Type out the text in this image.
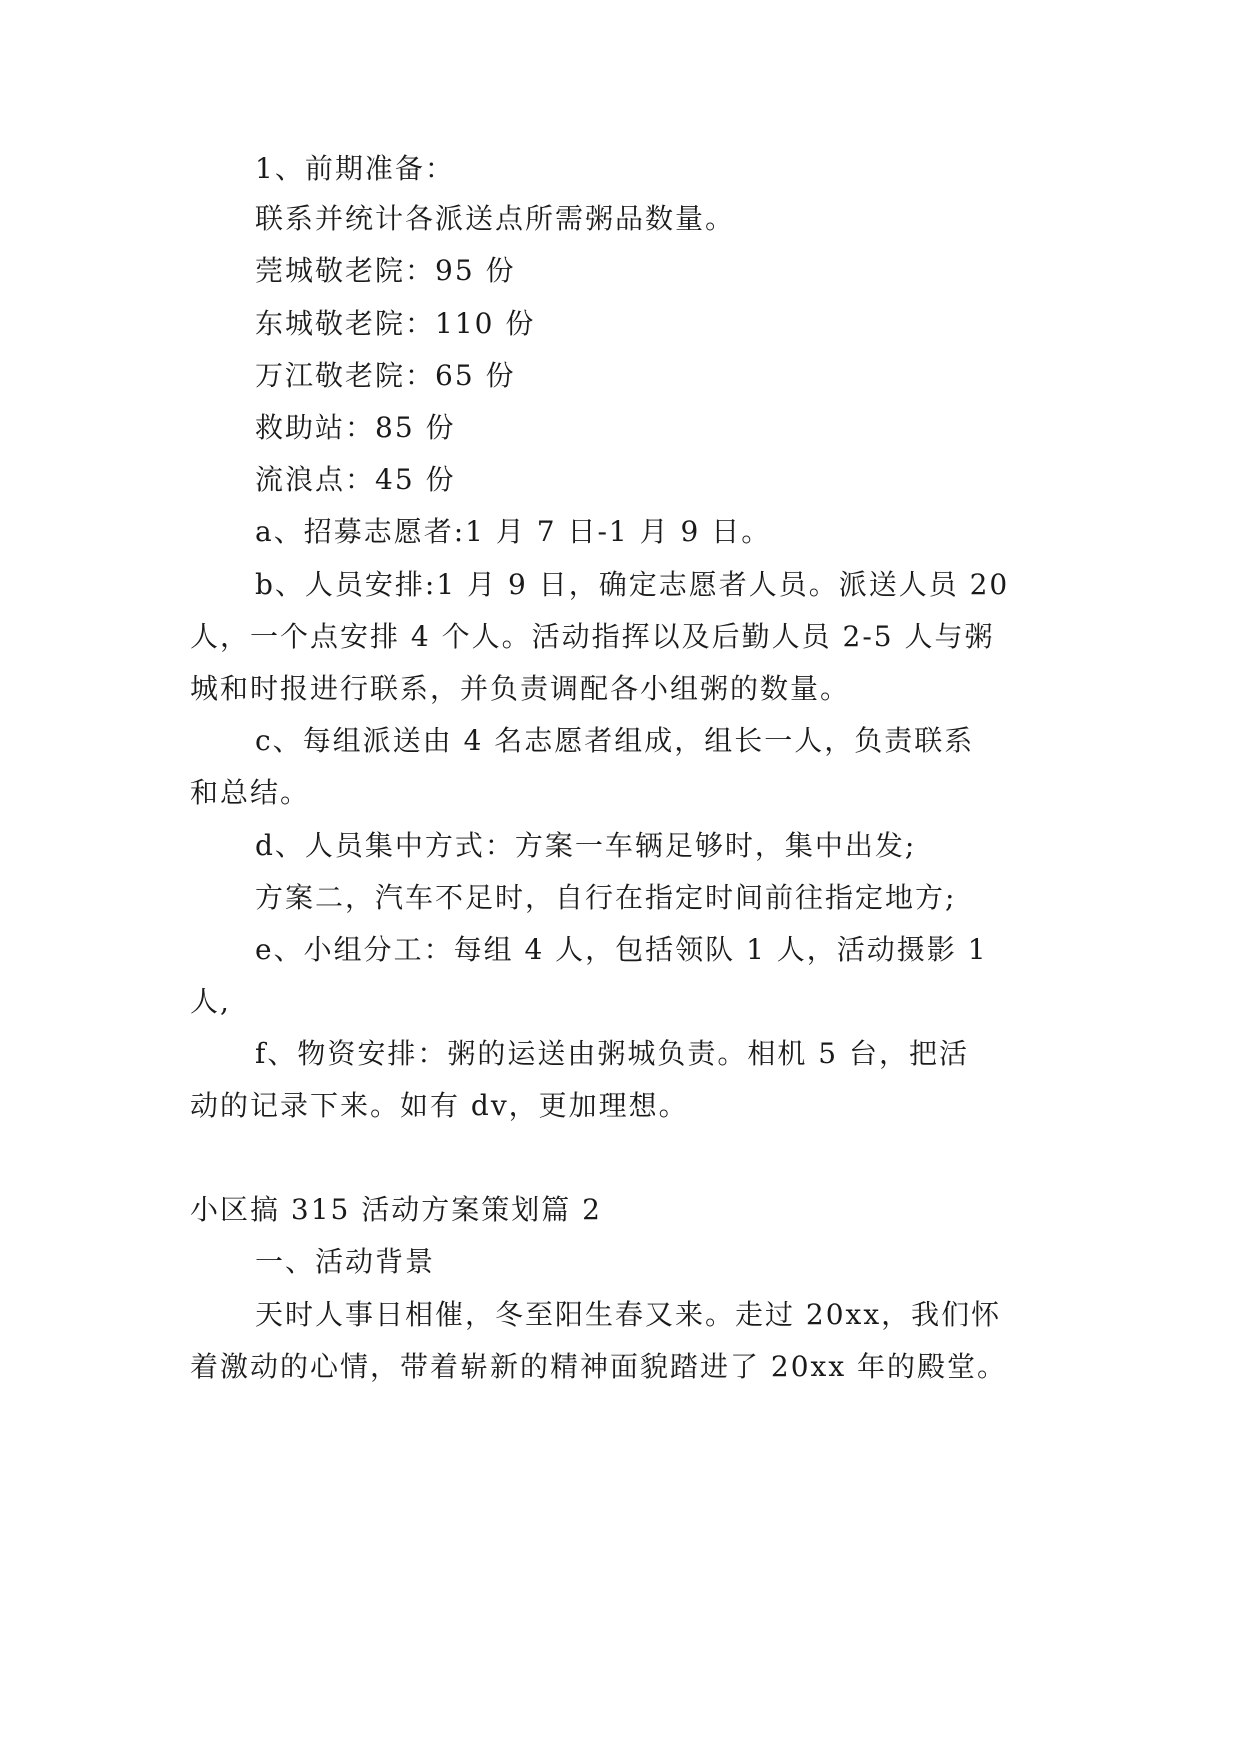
1、前期准备：
联系并统计各派送点所需粥品数量。
莞城敬老院：95 份
东城敬老院：110 份
万江敬老院：65 份
救助站：85 份
流浪点：45 份
a、招募志愿者:1 月 7 日-1 月 9 日。
b、人员安排:1 月 9 日，确定志愿者人员。派送人员 20
人，一个点安排 4 个人。活动指挥以及后勤人员 2-5 人与粥
城和时报进行联系，并负责调配各小组粥的数量。
c、每组派送由 4 名志愿者组成，组长一人，负责联系
和总结。
d、人员集中方式：方案一车辆足够时，集中出发;
方案二，汽车不足时，自行在指定时间前往指定地方;
e、小组分工：每组 4 人，包括领队 1 人，活动摄影 1
人,
f、物资安排：粥的运送由粥城负责。相机 5 台，把活
动的记录下来。如有 dv，更加理想。
小区搞 315 活动方案策划篇 2
一、活动背景
天时人事日相催，冬至阳生春又来。走过 20xx，我们怀
着激动的心情，带着崭新的精神面貌踏进了 20xx 年的殿堂。
